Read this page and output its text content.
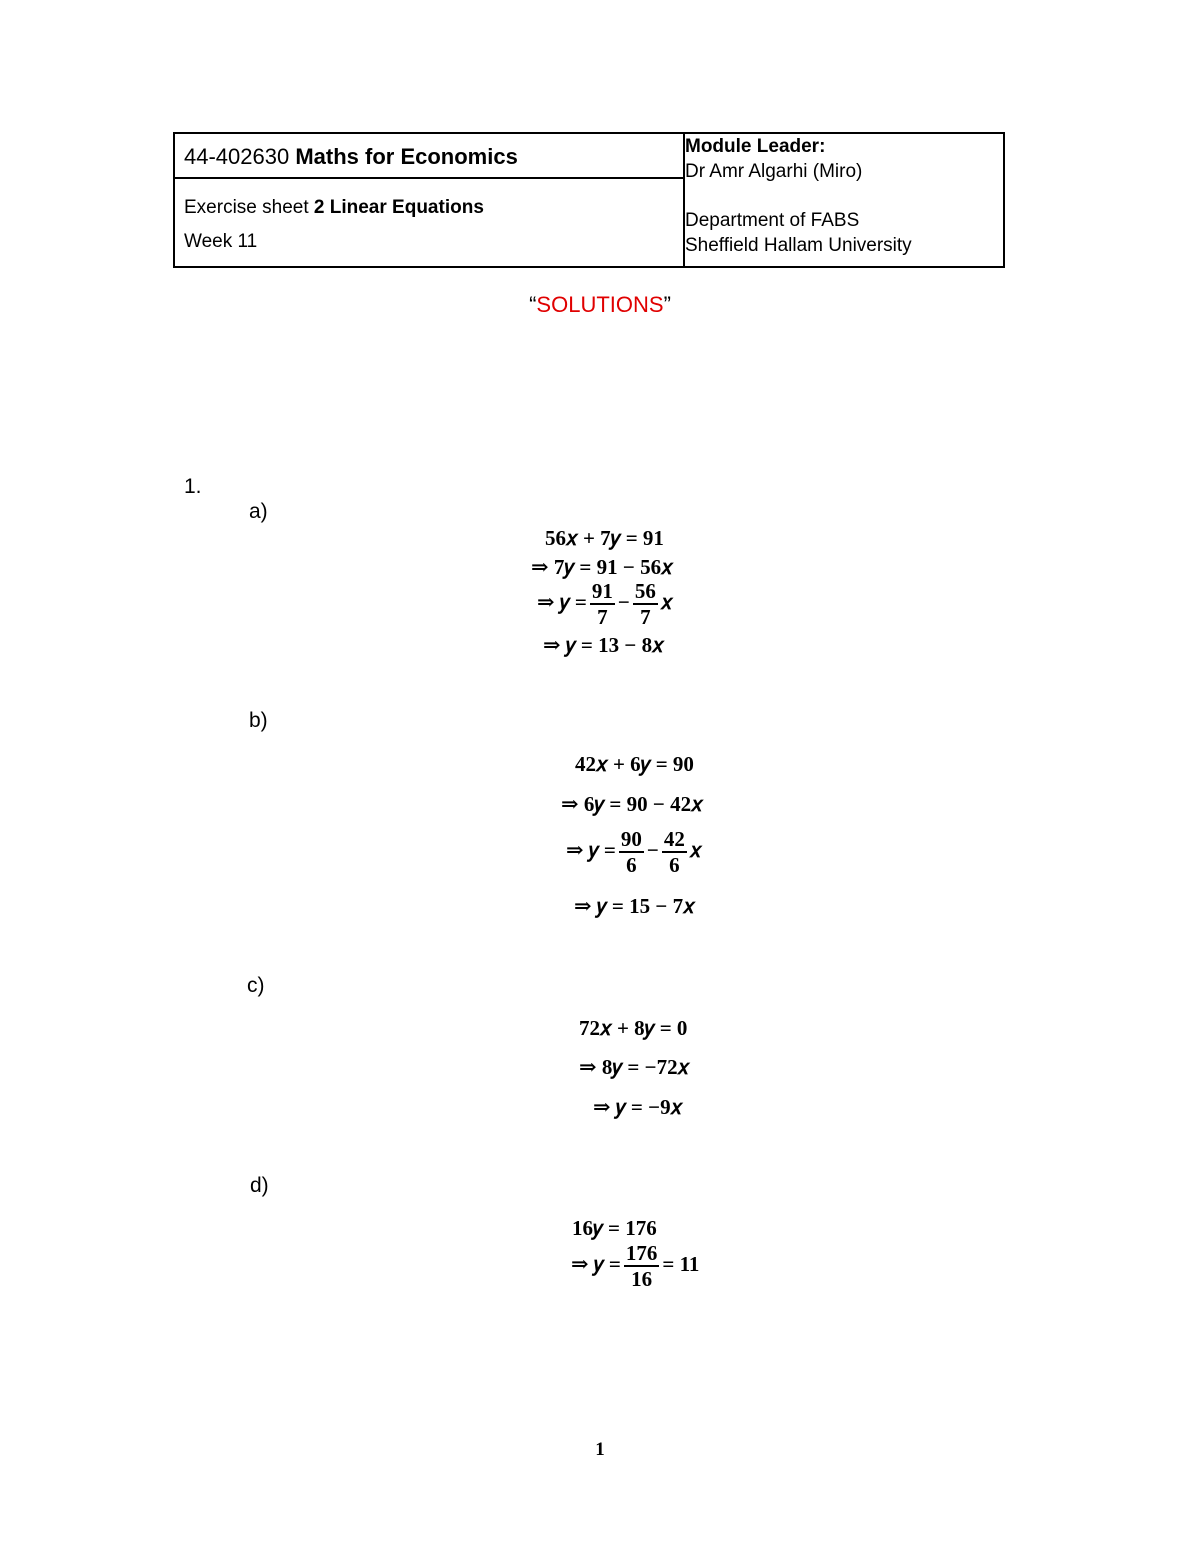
44-402630 Maths for Economics	Module Leader:
Dr Amr Algarhi (Miro)
Department of FABS
Sheffield Hallam University

Exercise sheet 2 Linear Equations
Week 11
“SOLUTIONS”
1.
a)
56𝑥 + 7𝑦 = 91
⇒ 7𝑦 = 91 − 56𝑥
⇒ 𝑦 = $\frac{91}{7} - \frac{56}{7}$ 𝑥
⇒ 𝑦 = 13 − 8𝑥
b)
42𝑥 + 6𝑦 = 90
⇒ 6𝑦 = 90 − 42𝑥
⇒ 𝑦 = $\frac{90}{6} - \frac{42}{6}$ 𝑥
⇒ 𝑦 = 15 − 7𝑥
c)
72𝑥 + 8𝑦 = 0
⇒ 8𝑦 = −72𝑥
⇒ 𝑦 = −9𝑥
d)
16𝑦 = 176
⇒ 𝑦 = $\frac{176}{16} = 11$
1
